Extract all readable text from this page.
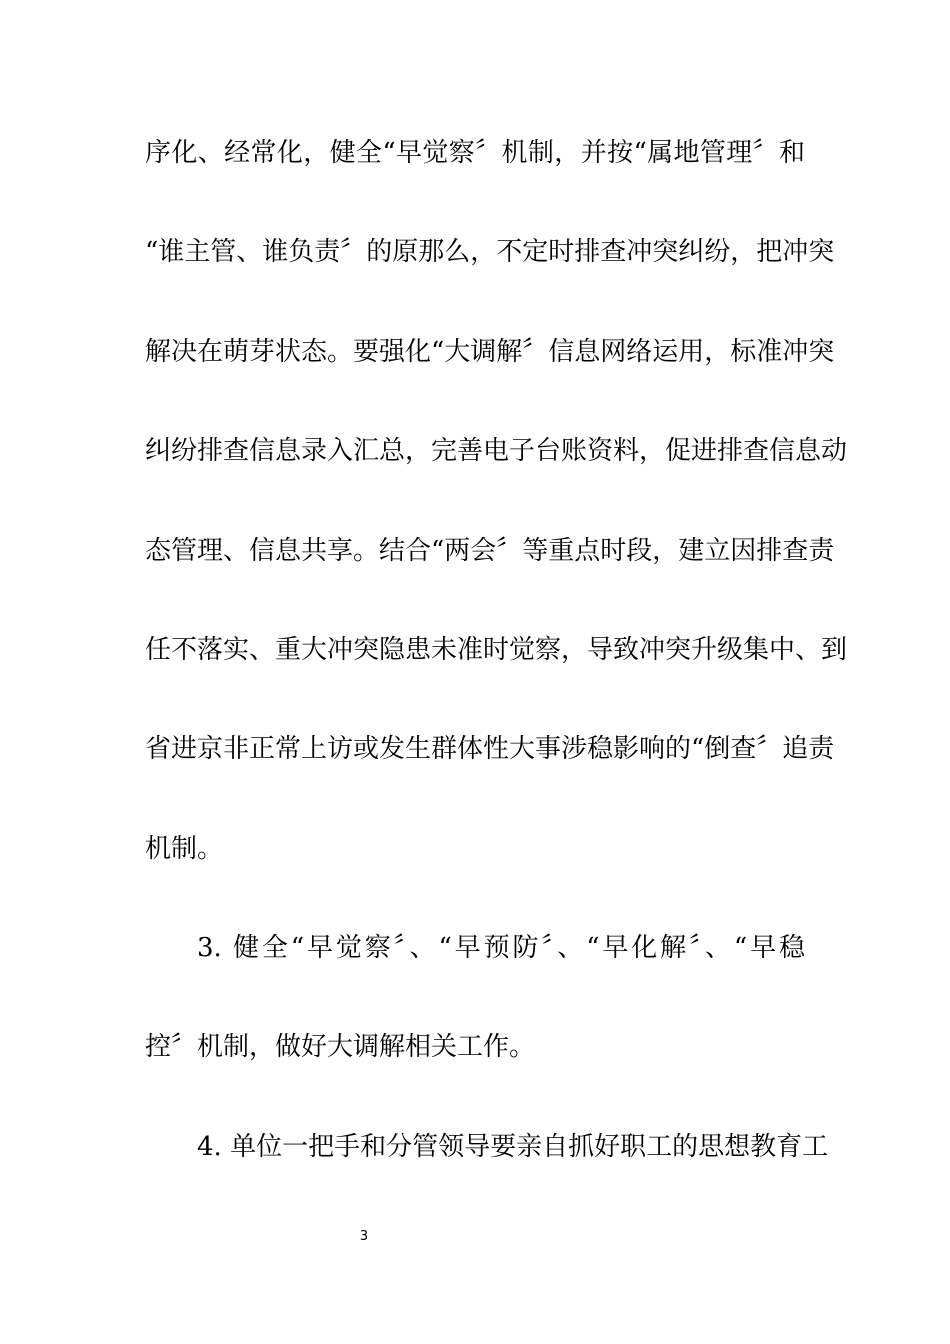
序化、经常化，健全“早觉察〞机制，并按“属地管理〞和
“谁主管、谁负责〞的原那么，不定时排查冲突纠纷，把冲突
解决在萌芽状态。要强化“大调解〞信息网络运用，标准冲突
纠纷排查信息录入汇总，完善电子台账资料，促进排查信息动
态管理、信息共享。结合“两会〞等重点时段，建立因排查责
任不落实、重大冲突隐患未准时觉察，导致冲突升级集中、到
省进京非正常上访或发生群体性大事涉稳影响的“倒查〞追责
机制。
3. 健全“早觉察〞、“早预防〞、“早化解〞、“早稳
控〞机制，做好大调解相关工作。
4. 单位一把手和分管领导要亲自抓好职工的思想教育工
3
